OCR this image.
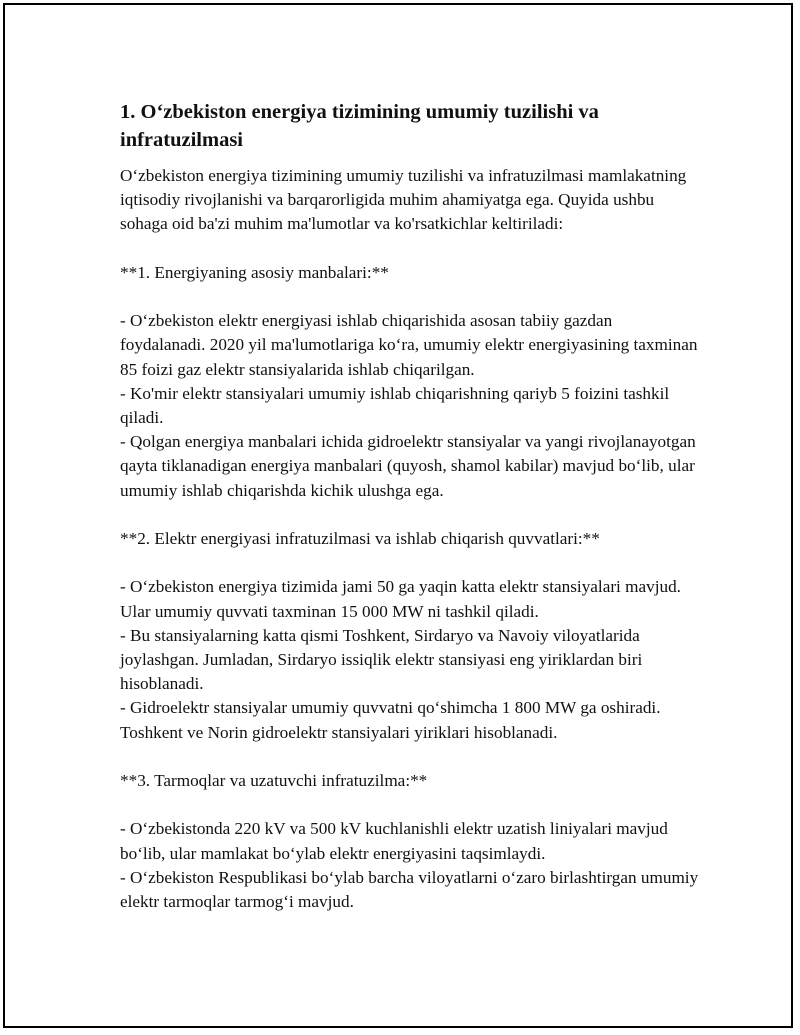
1. O‘zbekiston energiya tizimining umumiy tuzilishi va infratuzilmasi

O‘zbekiston energiya tizimining umumiy tuzilishi va infratuzilmasi mamlakatning iqtisodiy rivojlanishi va barqarorligida muhim ahamiyatga ega. Quyida ushbu sohaga oid ba'zi muhim ma'lumotlar va ko'rsatkichlar keltiriladi:

**1. Energiyaning asosiy manbalari:**

- O‘zbekiston elektr energiyasi ishlab chiqarishida asosan tabiiy gazdan foydalanadi. 2020 yil ma'lumotlariga ko‘ra, umumiy elektr energiyasining taxminan 85 foizi gaz elektr stansiyalarida ishlab chiqarilgan.
- Ko'mir elektr stansiyalari umumiy ishlab chiqarishning qariyb 5 foizini tashkil qiladi.
- Qolgan energiya manbalari ichida gidroelektr stansiyalar va yangi rivojlanayotgan qayta tiklanadigan energiya manbalari (quyosh, shamol kabilar) mavjud bo‘lib, ular umumiy ishlab chiqarishda kichik ulushga ega.

**2. Elektr energiyasi infratuzilmasi va ishlab chiqarish quvvatlari:**

- O‘zbekiston energiya tizimida jami 50 ga yaqin katta elektr stansiyalari mavjud. Ular umumiy quvvati taxminan 15 000 MW ni tashkil qiladi.
- Bu stansiyalarning katta qismi Toshkent, Sirdaryo va Navoiy viloyatlarida joylashgan. Jumladan, Sirdaryo issiqlik elektr stansiyasi eng yiriklardan biri hisoblanadi.
- Gidroelektr stansiyalar umumiy quvvatni qo‘shimcha 1 800 MW ga oshiradi. Toshkent ve Norin gidroelektr stansiyalari yiriklari hisoblanadi.

**3. Tarmoqlar va uzatuvchi infratuzilma:**

- O‘zbekistonda 220 kV va 500 kV kuchlanishli elektr uzatish liniyalari mavjud bo‘lib, ular mamlakat bo‘ylab elektr energiyasini taqsimlaydi.
- O‘zbekiston Respublikasi bo‘ylab barcha viloyatlarni o‘zaro birlashtirgan umumiy elektr tarmoqlar tarmog‘i mavjud.
